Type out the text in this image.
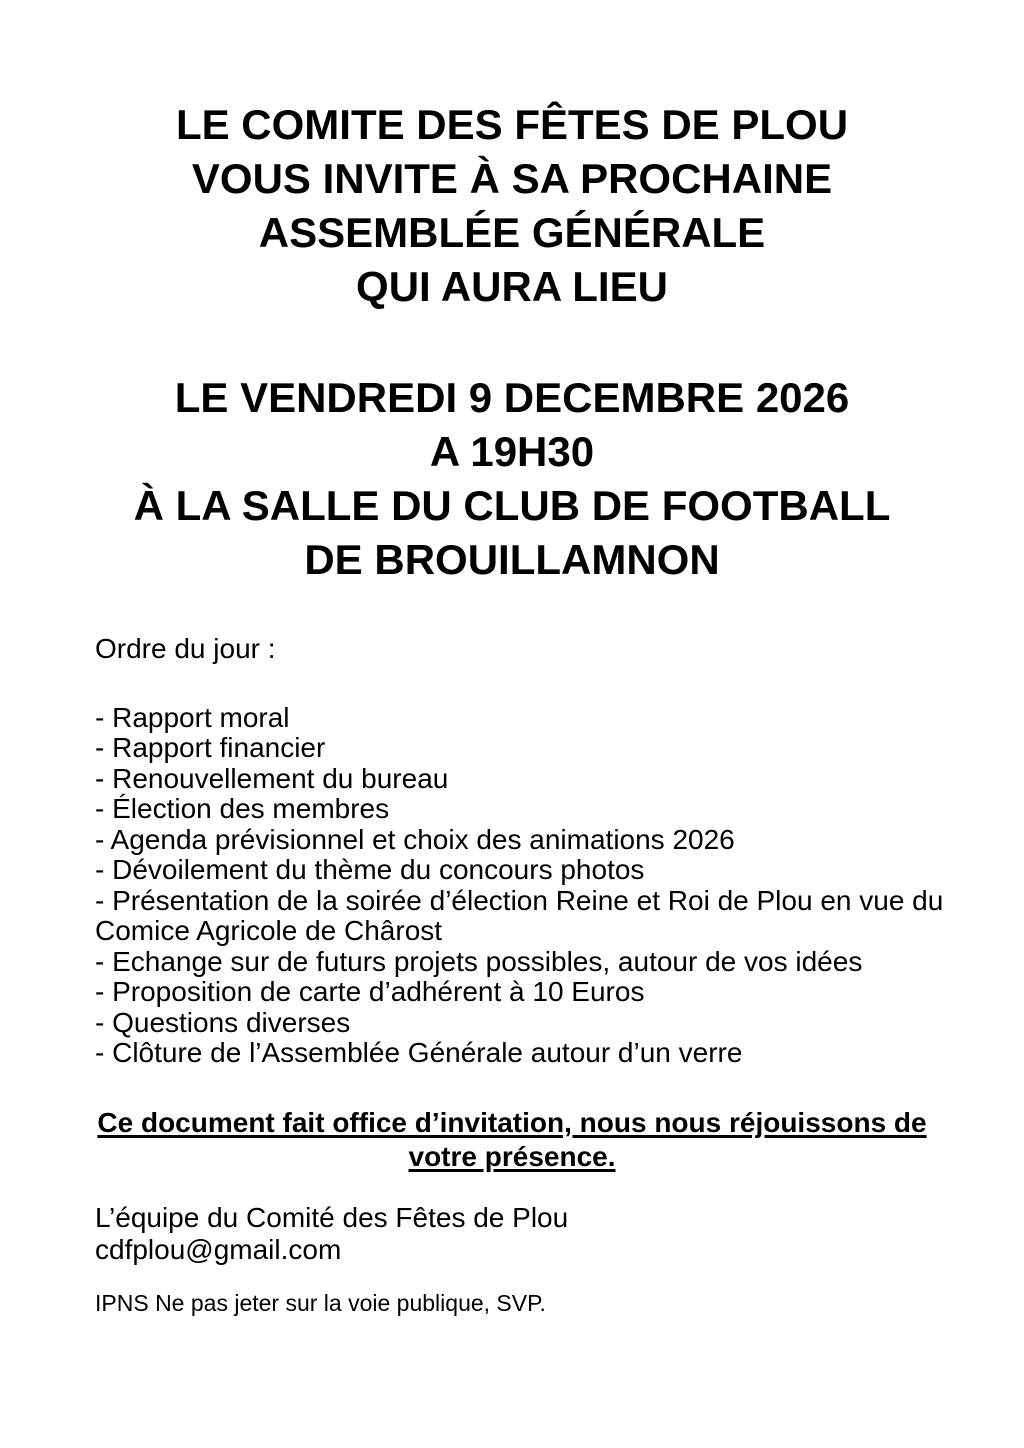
LE COMITE DES FÊTES DE PLOU
VOUS INVITE À SA PROCHAINE
ASSEMBLÉE GÉNÉRALE
QUI AURA LIEU
LE VENDREDI 9 DECEMBRE 2026
A 19H30
À LA SALLE DU CLUB DE FOOTBALL
DE BROUILLAMNON

Ordre du jour :

- Rapport moral
- Rapport financier
- Renouvellement du bureau
- Élection des membres
- Agenda prévisionnel et choix des animations 2026
- Dévoilement du thème du concours photos
- Présentation de la soirée d’élection Reine et Roi de Plou en vue du Comice Agricole de Chârost
- Echange sur de futurs projets possibles, autour de vos idées
- Proposition de carte d’adhérent à 10 Euros
- Questions diverses
- Clôture de l’Assemblée Générale autour d’un verre
Ce document fait office d’invitation, nous nous réjouissons de votre présence.
L’équipe du Comité des Fêtes de Plou
cdfplou@gmail.com
IPNS Ne pas jeter sur la voie publique, SVP.
